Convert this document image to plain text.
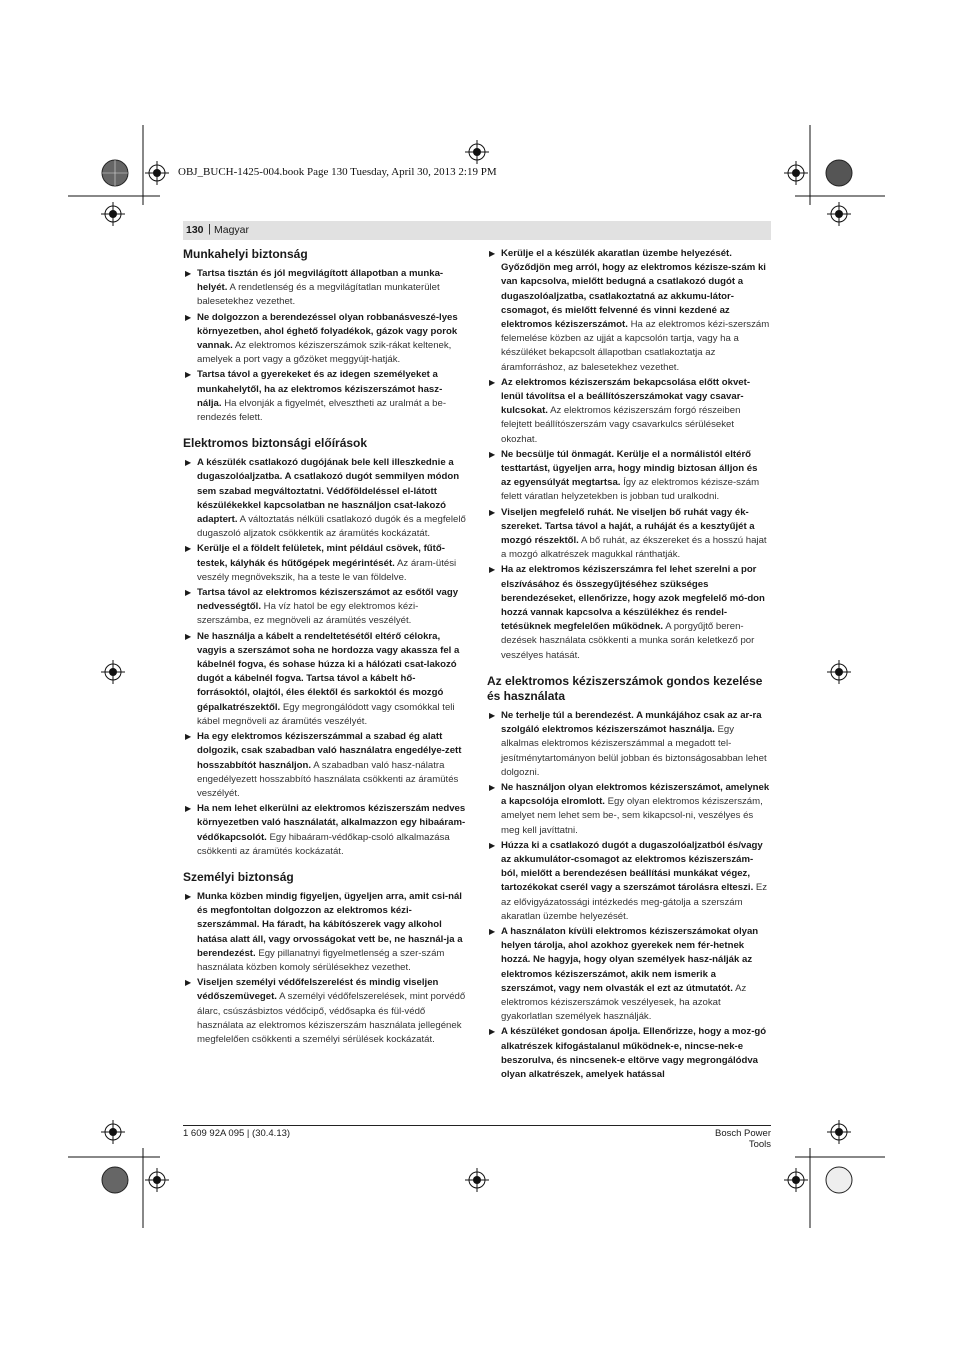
OBJ_BUCH-1425-004.book Page 130 Tuesday, April 30, 2013 2:19 PM
130 | Magyar
Munkahelyi biztonság
▶ Tartsa tisztán és jól megvilágított állapotban a munka-helyét. A rendetlenség és a megvilágítatlan munkaterület balesetekhez vezethet.
▶ Ne dolgozzon a berendezéssel olyan robbanásveszé-lyes környezetben, ahol éghető folyadékok, gázok vagy porok vannak. Az elektromos kéziszerszámok szik-rákat keltenek, amelyek a port vagy a gőzöket meggyújt-hatják.
▶ Tartsa távol a gyerekeket és az idegen személyeket a munkahelytől, ha az elektromos kéziszerszámot hasz-nálja. Ha elvonják a figyelmét, elvesztheti az uralmát a be-rendezés felett.
Elektromos biztonsági előírások
▶ A készülék csatlakozó dugójának bele kell illeszkednie a dugaszolóaljzatba. A csatlakozó dugót semmilyen módon sem szabad megváltoztatni. Védőföldeléssel el-látott készülékekkel kapcsolatban ne használjon csat-lakozó adaptert. A változtatás nélküli csatlakozó dugók és a megfelelő dugaszoló aljzatok csökkentik az áramütés kockázatát.
▶ Kerülje el a földelt felületek, mint például csövek, fűtő-testek, kályhák és hűtőgépek megérintését. Az áram-ütési veszély megnövekszik, ha a teste le van földelve.
▶ Tartsa távol az elektromos kéziszerszámot az esőtől vagy nedvességtől. Ha víz hatol be egy elektromos kézi-szerszámba, ez megnöveli az áramütés veszélyét.
▶ Ne használja a kábelt a rendeltetésétől eltérő célokra, vagyis a szerszámot soha ne hordozza vagy akassza fel a kábelnél fogva, és sohase húzza ki a hálózati csat-lakozó dugót a kábelnél fogva. Tartsa távol a kábelt hő-forrásoktól, olajtól, éles élektől és sarkoktól és mozgó gépalkatrészektől. Egy megrongálódott vagy csomókkal teli kábel megnöveli az áramütés veszélyét.
▶ Ha egy elektromos kéziszerszámmal a szabad ég alatt dolgozik, csak szabadban való használatra engedélye-zett hosszabbítót használjon. A szabadban való hasz-nálatra engedélyezett hosszabbító használata csökkenti az áramütés veszélyét.
▶ Ha nem lehet elkerülni az elektromos kéziszerszám nedves környezetben való használatát, alkalmazzon egy hibaáram-védőkapcsolót. Egy hibaáram-védőkap-csoló alkalmazása csökkenti az áramütés kockázatát.
Személyi biztonság
▶ Munka közben mindig figyeljen, ügyeljen arra, amit csi-nál és megfontoltan dolgozzon az elektromos kézi-szerszámmal. Ha fáradt, ha kábítószerek vagy alkohol hatása alatt áll, vagy orvosságokat vett be, ne használ-ja a berendezést. Egy pillanatnyi figyelmetlenség a szer-szám használata közben komoly sérülésekhez vezethet.
▶ Viseljen személyi védőfelszerelést és mindig viseljen védőszemüveget. A személyi védőfelszerelések, mint porvédő álarc, csúszásbiztos védőcipő, védősapka és fül-védő használata az elektromos kéziszerszám használata jellegének megfelelően csökkenti a személyi sérülések kockázatát.
▶ Kerülje el a készülék akaratlan üzembe helyezését. Győződjön meg arról, hogy az elektromos kézisze-szám ki van kapcsolva, mielőtt bedugná a csatlakozó dugót a dugaszolóaljzatba, csatlakoztatná az akkumu-látor-csomagot, és mielőtt felvenné és vinni kezdené az elektromos kéziszerszámot. Ha az elektromos kézi-szerszám felemelése közben az ujját a kapcsolón tartja, vagy ha a készüléket bekapcsolt állapotban csatlakoztatja az áramforráshoz, az balesetekhez vezethet.
▶ Az elektromos kéziszerszám bekapcsolása előtt okvet-lenül távolítsa el a beállítószerszámokat vagy csavar-kulcsokat. Az elektromos kéziszerszám forgó részeiben felejtett beállítószerszám vagy csavarkulcs sérüléseket okozhat.
▶ Ne becsülje túl önmagát. Kerülje el a normálistól eltérő testtartást, ügyeljen arra, hogy mindig biztosan álljon és az egyensúlyát megtartsa. Így az elektromos kézisze-szám felett váratlan helyzetekben is jobban tud uralkodni.
▶ Viseljen megfelelő ruhát. Ne viseljen bő ruhát vagy ék-szereket. Tartsa távol a haját, a ruháját és a kesztyűjét a mozgó részektől. A bő ruhát, az ékszereket és a hosszú hajat a mozgó alkatrészek magukkal ránthatják.
▶ Ha az elektromos kéziszerszámra fel lehet szerelni a por elszívásához és összegyűjtéséhez szükséges berendezéseket, ellenőrizze, hogy azok megfelelő mó-don hozzá vannak kapcsolva a készülékhez és rendel-tetésüknek megfelelően működnek. A porgyűjtő beren-dezések használata csökkenti a munka során keletkező por veszélyes hatását.
Az elektromos kéziszerszámok gondos kezelése és használata
▶ Ne terhelje túl a berendezést. A munkájához csak az ar-ra szolgáló elektromos kéziszerszámot használja. Egy alkalmas elektromos kéziszerszámmal a megadott tel-jesítménytartományon belül jobban és biztonságosabban lehet dolgozni.
▶ Ne használjon olyan elektromos kéziszerszámot, amelynek a kapcsolója elromlott. Egy olyan elektromos kéziszerszám, amelyet nem lehet sem be-, sem kikapcsol-ni, veszélyes és meg kell javíttatni.
▶ Húzza ki a csatlakozó dugót a dugaszolóaljzatból és/vagy az akkumulátor-csomagot az elektromos kéziszerszám-ból, mielőtt a berendezésen beállítási munkákat végez, tartozékokat cserél vagy a szerszámot tárolásra elteszi. Ez az elővigyázatossági intézkedés meg-gátolja a szerszám akaratlan üzembe helyezését.
▶ A használaton kívüli elektromos kéziszerszámokat olyan helyen tárolja, ahol azokhoz gyerekek nem fér-hetnek hozzá. Ne hagyja, hogy olyan személyek hasz-nálják az elektromos kéziszerszámot, akik nem ismerik a szerszámot, vagy nem olvasták el ezt az útmutatót. Az elektromos kéziszerszámok veszélyesek, ha azokat gyakorlatlan személyek használják.
▶ A készüléket gondosan ápolja. Ellenőrizze, hogy a moz-gó alkatrészek kifogástalanul működnek-e, nincse-nek-e beszorulva, és nincsenek-e eltörve vagy megrongálódva olyan alkatrészek, amelyek hatással
1 609 92A 095 | (30.4.13)	Bosch Power Tools
